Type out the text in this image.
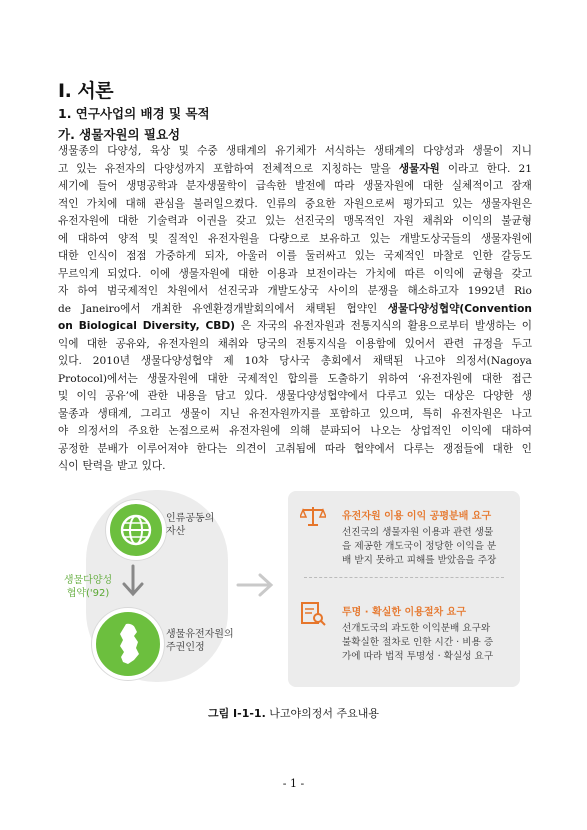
I. 서론
1. 연구사업의 배경 및 목적
가. 생물자원의 필요성
생물종의 다양성, 육상 및 수중 생태계의 유기체가 서식하는 생태계의 다양성과 생물이 지니
고 있는 유전자의 다양성까지 포함하여 전체적으로 지칭하는 말을 생물자원 이라고 한다. 21
세기에 들어 생명공학과 분자생물학이 급속한 발전에 따라 생물자원에 대한 실체적이고 잠재
적인 가치에 대해 관심을 불러일으켰다. 인류의 중요한 자원으로써 평가되고 있는 생물자원은
유전자원에 대한 기술력과 이권을 갖고 있는 선진국의 맹목적인 자원 채취와 이익의 불균형
에 대하여 양적 및 질적인 유전자원을 다량으로 보유하고 있는 개발도상국들의 생물자원에
대한 인식이 점점 가중하게 되자, 아울러 이를 둘러싸고 있는 국제적인 마찰로 인한 갈등도
무르익게 되었다. 이에 생물자원에 대한 이용과 보전이라는 가치에 따른 이익에 균형을 갖고
자 하여 범국제적인 차원에서 선진국과 개발도상국 사이의 분쟁을 해소하고자 1992년 Rio
de Janeiro에서 개최한 유엔환경개발회의에서 채택된 협약인 생물다양성협약(Convention
on Biological Diversity, CBD) 은 자국의 유전자원과 전통지식의 활용으로부터 발생하는 이
익에 대한 공유와, 유전자원의 채취와 당국의 전통지식을 이용함에 있어서 관련 규정을 두고
있다. 2010년 생물다양성협약 제 10차 당사국 총회에서 채택된 나고야 의정서(Nagoya
Protocol)에서는 생물자원에 대한 국제적인 합의를 도출하기 위하여 ‘유전자원에 대한 접근
및 이익 공유’에 관한 내용을 담고 있다. 생물다양성협약에서 다루고 있는 대상은 다양한 생
물종과 생태계, 그리고 생물이 지닌 유전자원까지를 포함하고 있으며, 특히 유전자원은 나고
야 의정서의 주요한 논점으로써 유전자원에 의해 분파되어 나오는 상업적인 이익에 대하여
공정한 분배가 이루어져야 한다는 의견이 고취됨에 따라 협약에서 다루는 쟁점들에 대한 인
식이 탄력을 받고 있다.
인류공동의
자산
생물다양성
협약('92)
생물유전자원의
주권인정
유전자원 이용 이익 공평분배 요구
선진국의 생물자원 이용과 관련 생물
을 제공한 개도국이 정당한 이익을 분
배 받지 못하고 피해를 받았음을 주장
투명 · 확실한 이용절차 요구
선개도국의 과도한 이익분배 요구와
불확실한 절차로 인한 시간 · 비용 증
가에 따라 법적 투명성 · 확실성 요구
그림 Ⅰ-1-1. 나고야의정서 주요내용
- 1 -
